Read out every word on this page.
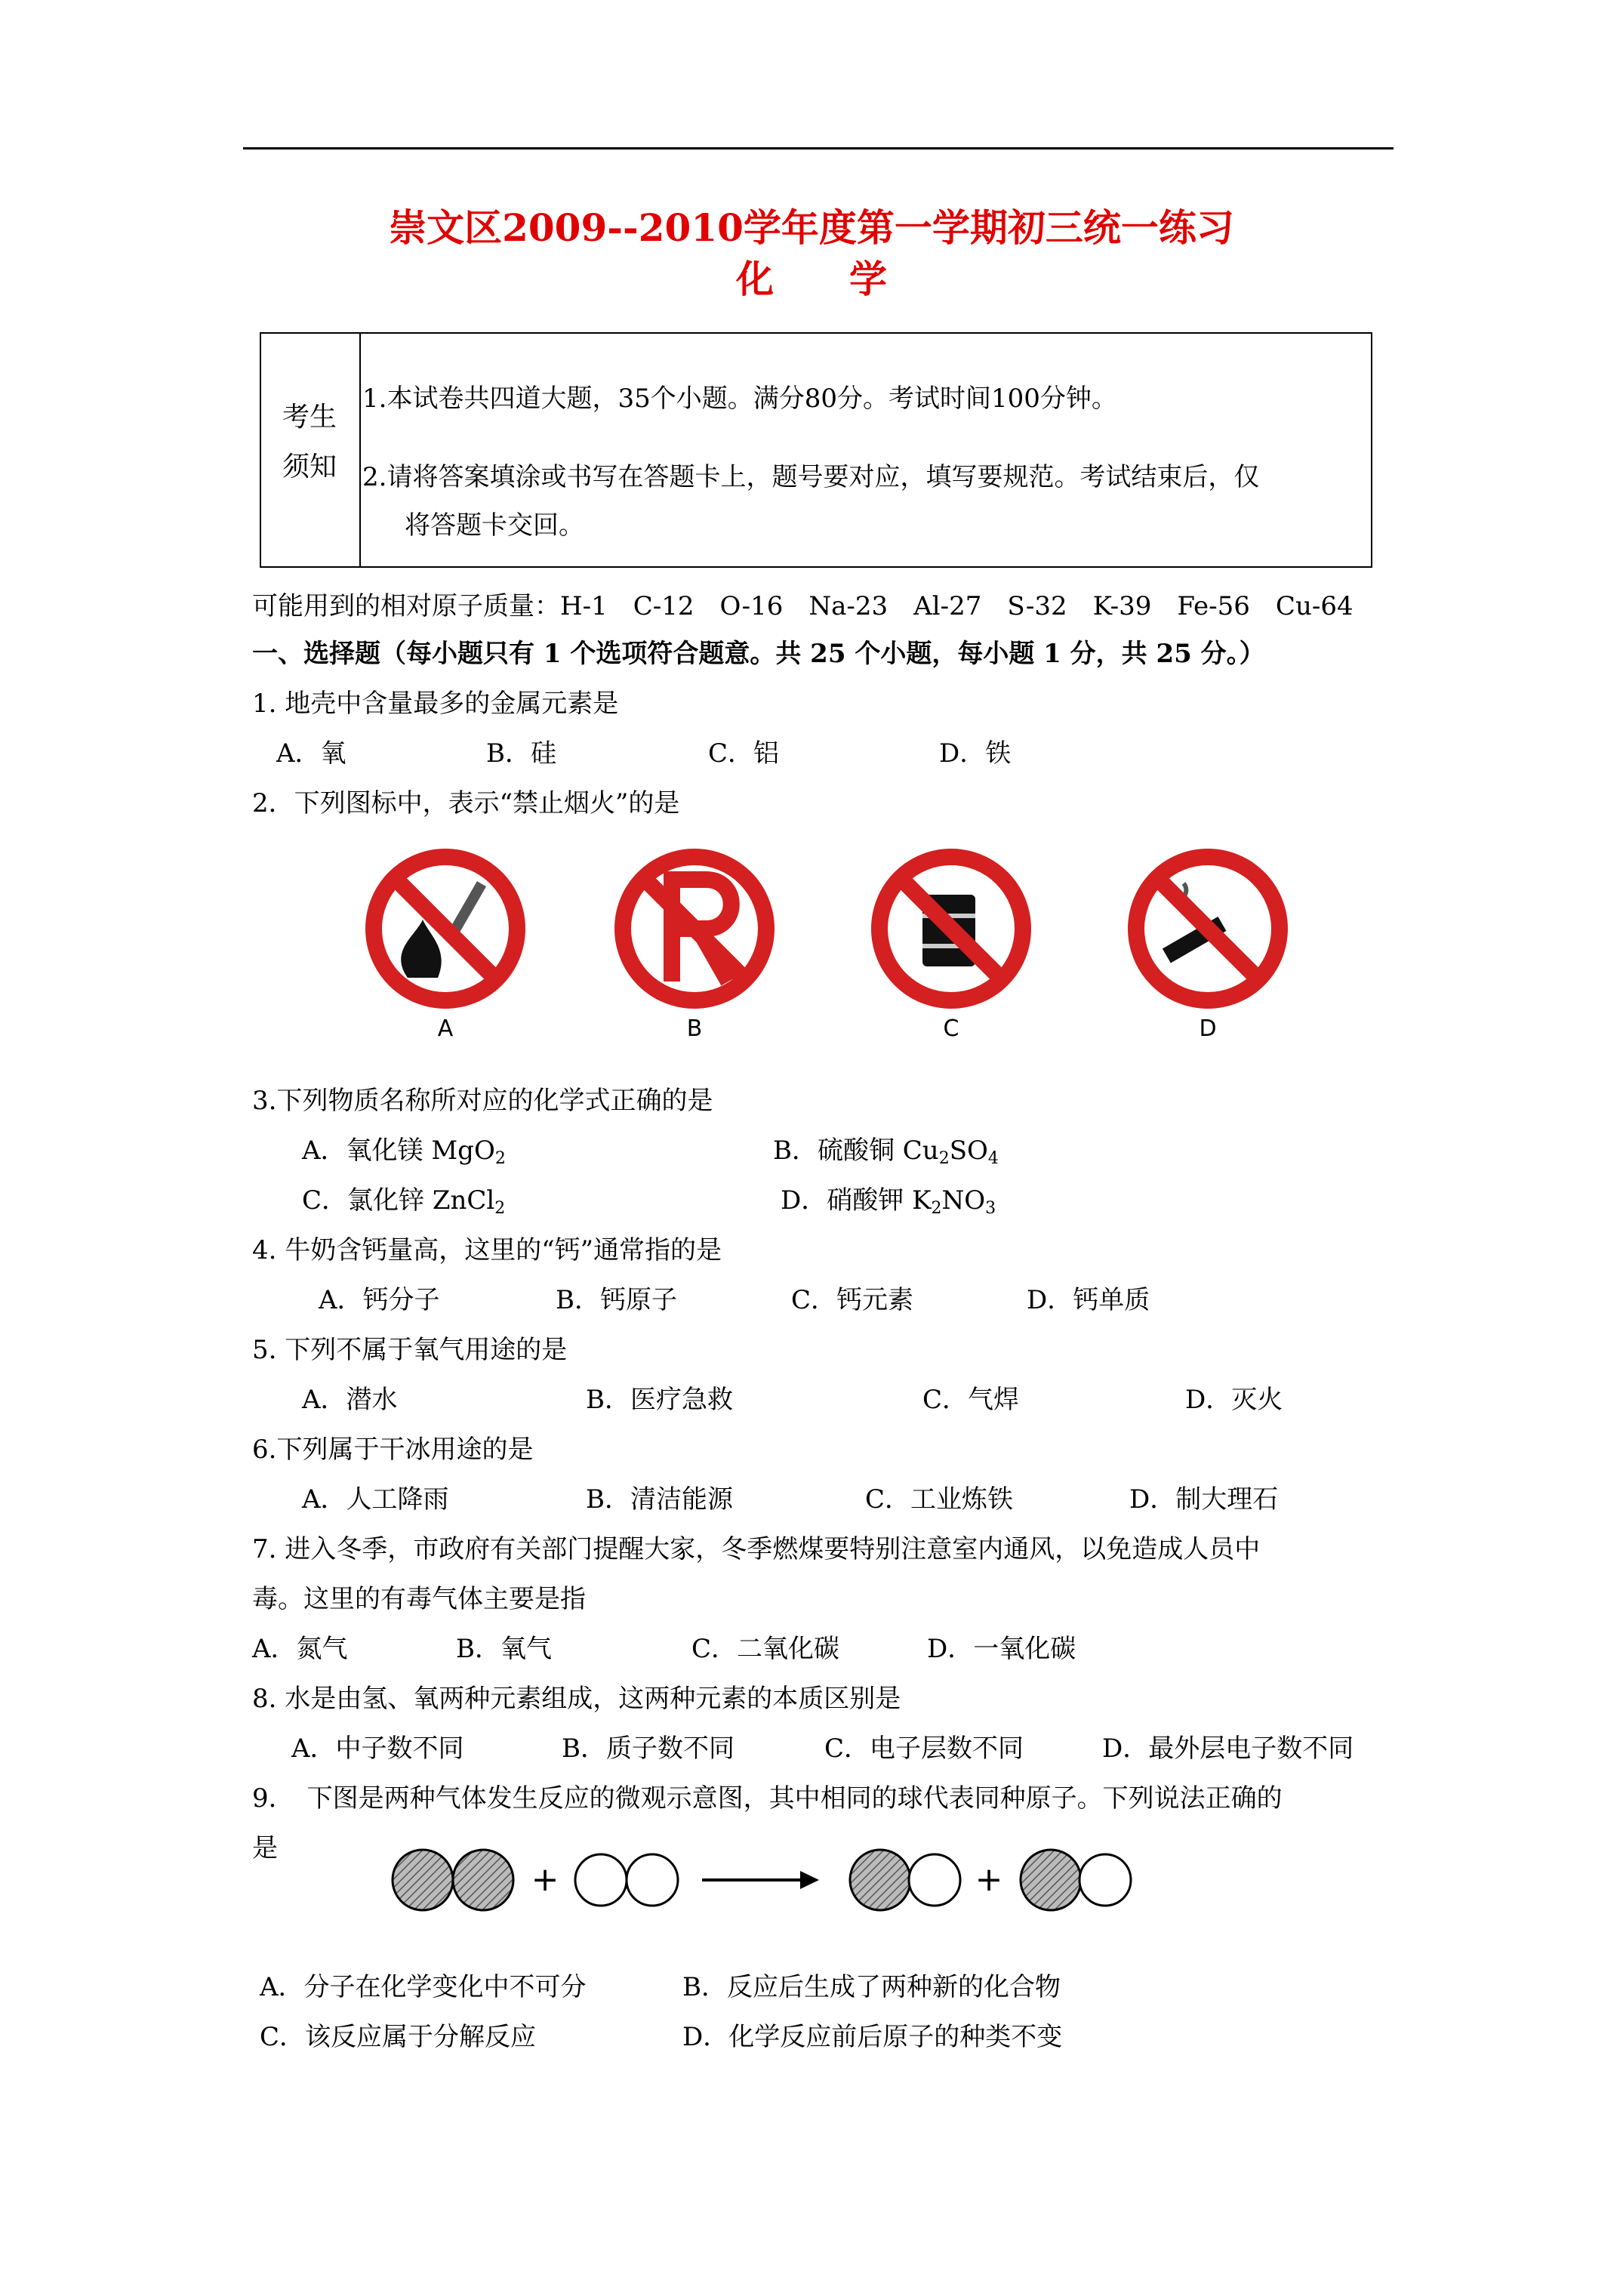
崇文区2009--2010学年度第一学期初三统一练习
化　　学
考生
须知
1.本试卷共四道大题，35个小题。满分80分。考试时间100分钟。
2.请将答案填涂或书写在答题卡上，题号要对应，填写要规范。考试结束后，仅
将答题卡交回。
可能用到的相对原子质量：H-1　C-12　O-16　Na-23　Al-27　S-32　K-39　Fe-56　Cu-64
一、选择题（每小题只有 1 个选项符合题意。共 25 个小题，每小题 1 分，共 25 分。）
1. 地壳中含量最多的金属元素是
A．氧	B．硅	C．铝	D．铁
2．下列图标中，表示“禁止烟火”的是
A	B	C	D
3.下列物质名称所对应的化学式正确的是
A．氧化镁 MgO$_2$	B．硫酸铜 $Cu_2SO_4$
C．氯化锌 ZnCl$_2$	D．硝酸钾 $K_2NO_3$
4. 牛奶含钙量高，这里的“钙”通常指的是
A．钙分子	B．钙原子	C．钙元素	D．钙单质
5. 下列不属于氧气用途的是
A．潜水	B．医疗急救	C．气焊	D．灭火
6.下列属于干冰用途的是
A．人工降雨	B．清洁能源	C．工业炼铁	D．制大理石
7. 进入冬季，市政府有关部门提醒大家，冬季燃煤要特别注意室内通风，以免造成人员中
毒。这里的有毒气体主要是指
A．氮气	B．氧气	C．二氧化碳	D．一氧化碳
8. 水是由氢、氧两种元素组成，这两种元素的本质区别是
A．中子数不同	B．质子数不同	C．电子层数不同	D．最外层电子数不同
9．　下图是两种气体发生反应的微观示意图，其中相同的球代表同种原子。下列说法正确的
是
+	+
A．分子在化学变化中不可分	B．反应后生成了两种新的化合物
C．该反应属于分解反应	D．化学反应前后原子的种类不变
